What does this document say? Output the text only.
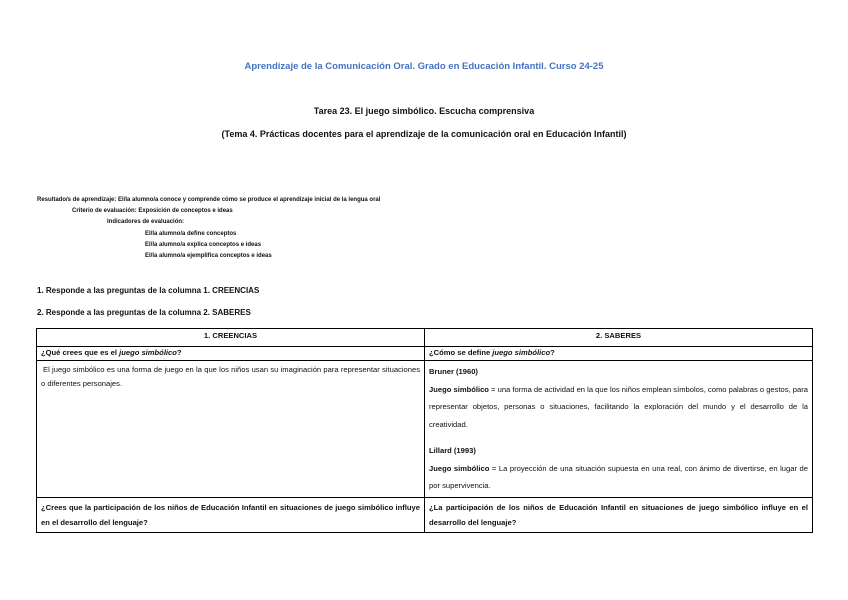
Aprendizaje de la Comunicación Oral. Grado en Educación Infantil. Curso 24-25
Tarea 23. El juego simbólico. Escucha comprensiva
(Tema 4. Prácticas docentes para el aprendizaje de la comunicación oral en Educación Infantil)
Resultado/s de aprendizaje: El/la alumno/a conoce y comprende cómo se produce el aprendizaje inicial de la lengua oral
Criterio de evaluación: Exposición de conceptos e ideas
Indicadores de evaluación:
El/la alumno/a define conceptos
El/la alumno/a explica conceptos e ideas
El/la alumno/a ejemplifica conceptos e ideas
1. Responde a las preguntas de la columna 1. CREENCIAS
2. Responde a las preguntas de la columna 2. SABERES
1. CREENCIAS	2. SABERES
¿Qué crees que es el juego simbólico?	¿Cómo se define juego simbólico?
El juego simbólico es una forma de juego en la que los niños usan su imaginación para representar situaciones o diferentes personajes.	Bruner (1960)

Juego simbólico = una forma de actividad en la que los niños emplean símbolos, como palabras o gestos, para representar objetos, personas o situaciones, facilitando la exploración del mundo y el desarrollo de la creatividad.

Lillard (1993)

Juego simbólico = La proyección de una situación supuesta en una real, con ánimo de divertirse, en lugar de por supervivencia.

¿Crees que la participación de los niños de Educación Infantil en situaciones de juego simbólico influye en el desarrollo del lenguaje?	¿La participación de los niños de Educación Infantil en situaciones de juego simbólico influye en el desarrollo del lenguaje?
